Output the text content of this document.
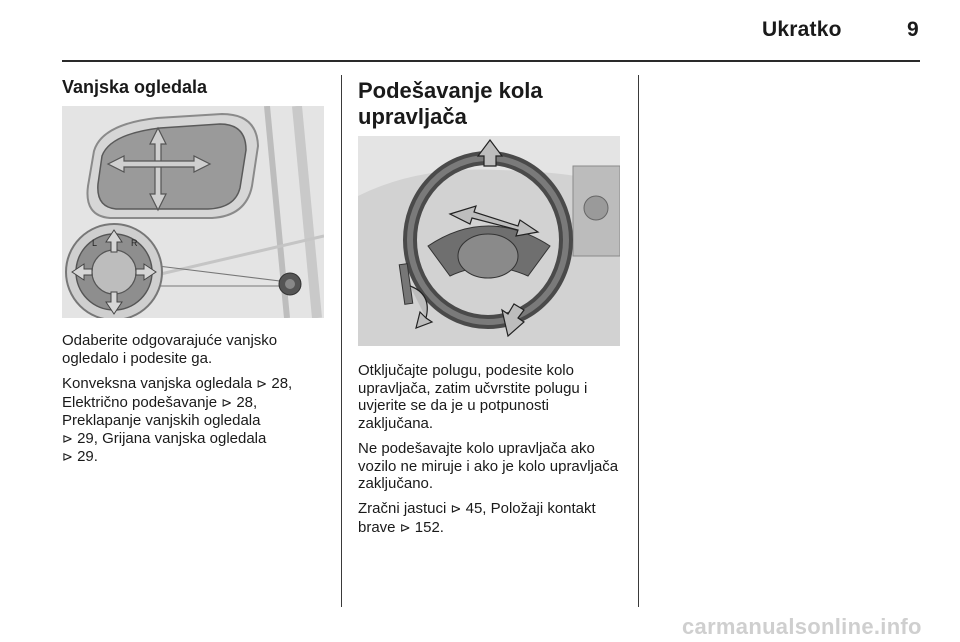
Ukratko	9
Vanjska ogledala
L	R

Odaberite odgovarajuće vanjsko ogledalo i podesite ga.

Konveksna vanjska ogledala ⊳ 28,
Električno podešavanje ⊳ 28,
Preklapanje vanjskih ogledala
⊳ 29, Grijana vanjska ogledala
⊳ 29.

Podešavanje kola
upravljača

Otključajte polugu, podesite kolo upravljača, zatim učvrstite polugu i uvjerite se da je u potpunosti zaključana.

Ne podešavajte kolo upravljača ako vozilo ne miruje i ako je kolo upravljača zaključano.

Zračni jastuci ⊳ 45, Položaji kontakt
brave ⊳ 152.

carmanualsonline.info
